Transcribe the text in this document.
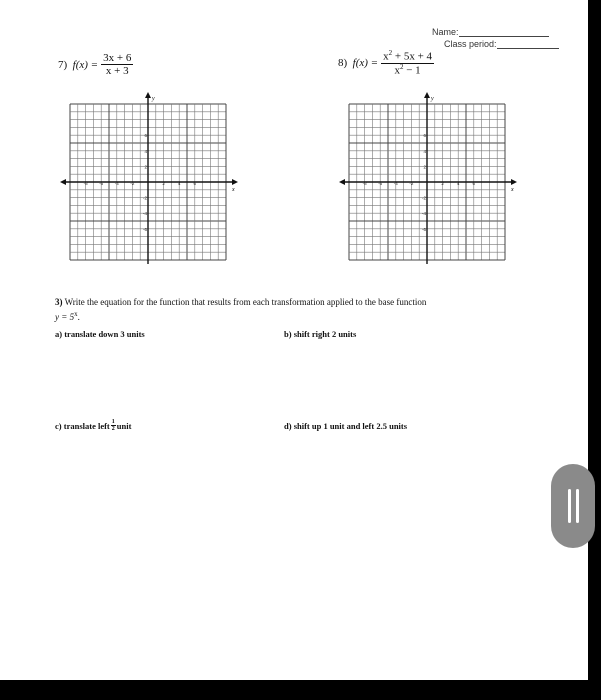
Name:
Class period:
7)
$f(x) = \frac{3x + 6}{x + 3}$	8)
$f(x) = \frac{x^2 + 5x + 4}{x^2 - 1}$
x
y
-8	-6	-4	-2	2	4	6
6
4
2
-2
-4
-6
x
y
-8	-6	-4	-2	2	4	6
6
4
2
-2
-4
-6
3) Write the equation for the function that results from each transformation applied to the base function
$y = 5^x$.
a)
translate down 3 units	b)
shift right 2 units
c)
translate left $\frac{1}{2}$ unit	d)
shift up 1 unit and left 2.5 units
